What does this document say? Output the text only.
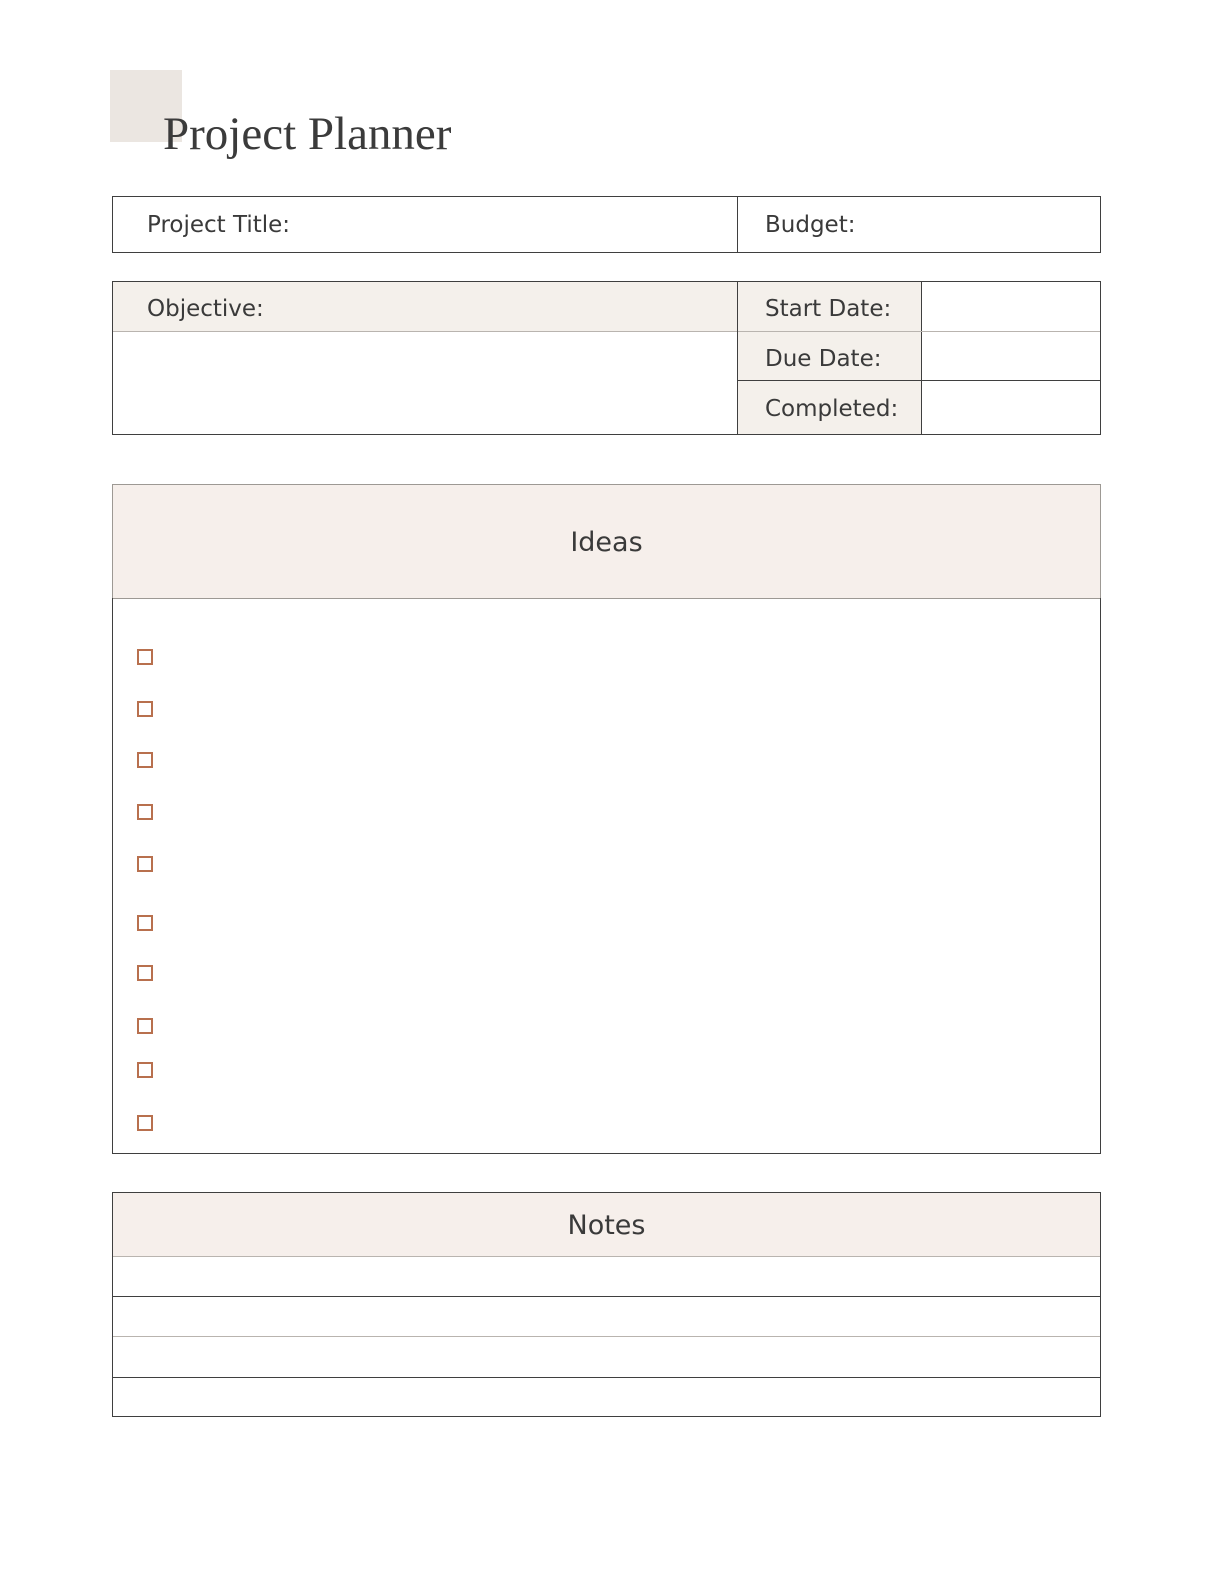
Project Planner
Project Title:	Budget:
Objective:	Start Date:
Due Date:
Completed:
Ideas
Notes
